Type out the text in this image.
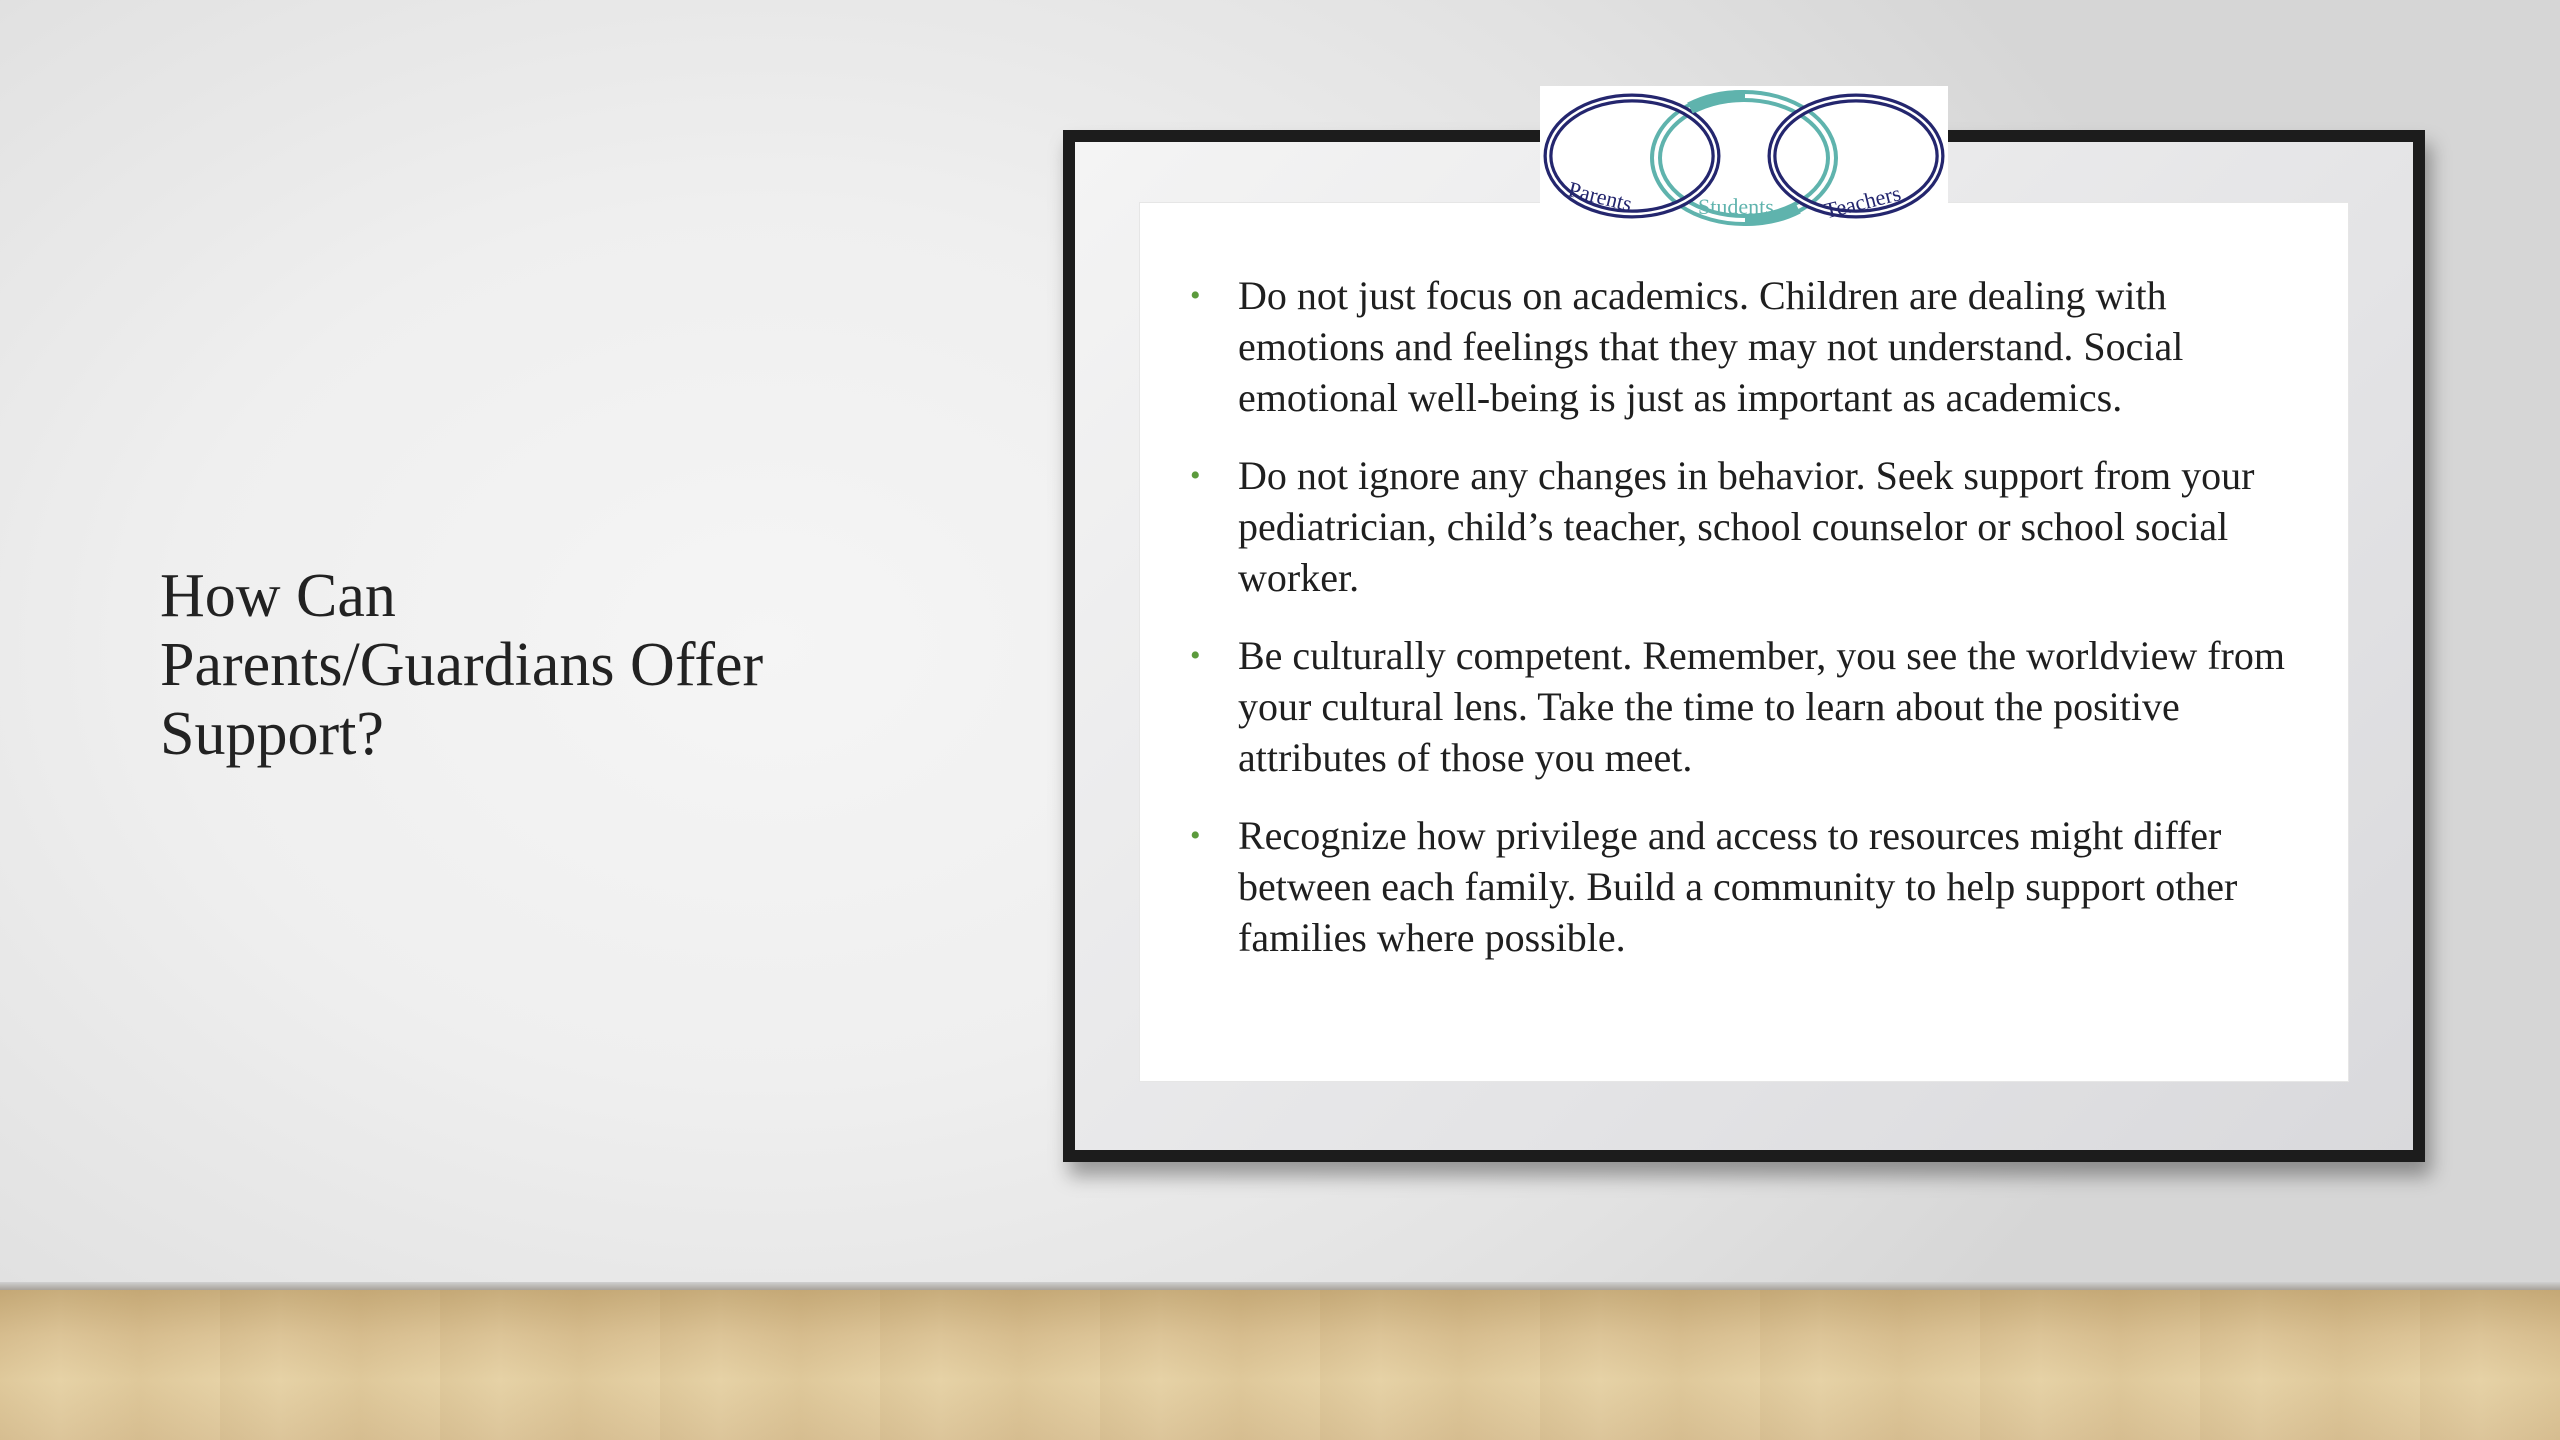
How Can Parents/Guardians Offer Support?
Parents	Students Teachers
• Do not just focus on academics. Children are dealing with emotions and feelings that they may not understand. Social emotional well-being is just as important as academics.
• Do not ignore any changes in behavior. Seek support from your pediatrician, child’s teacher, school counselor or school social worker.
• Be culturally competent. Remember, you see the worldview from your cultural lens. Take the time to learn about the positive attributes of those you meet.
• Recognize how privilege and access to resources might differ between each family. Build a community to help support other families where possible.
